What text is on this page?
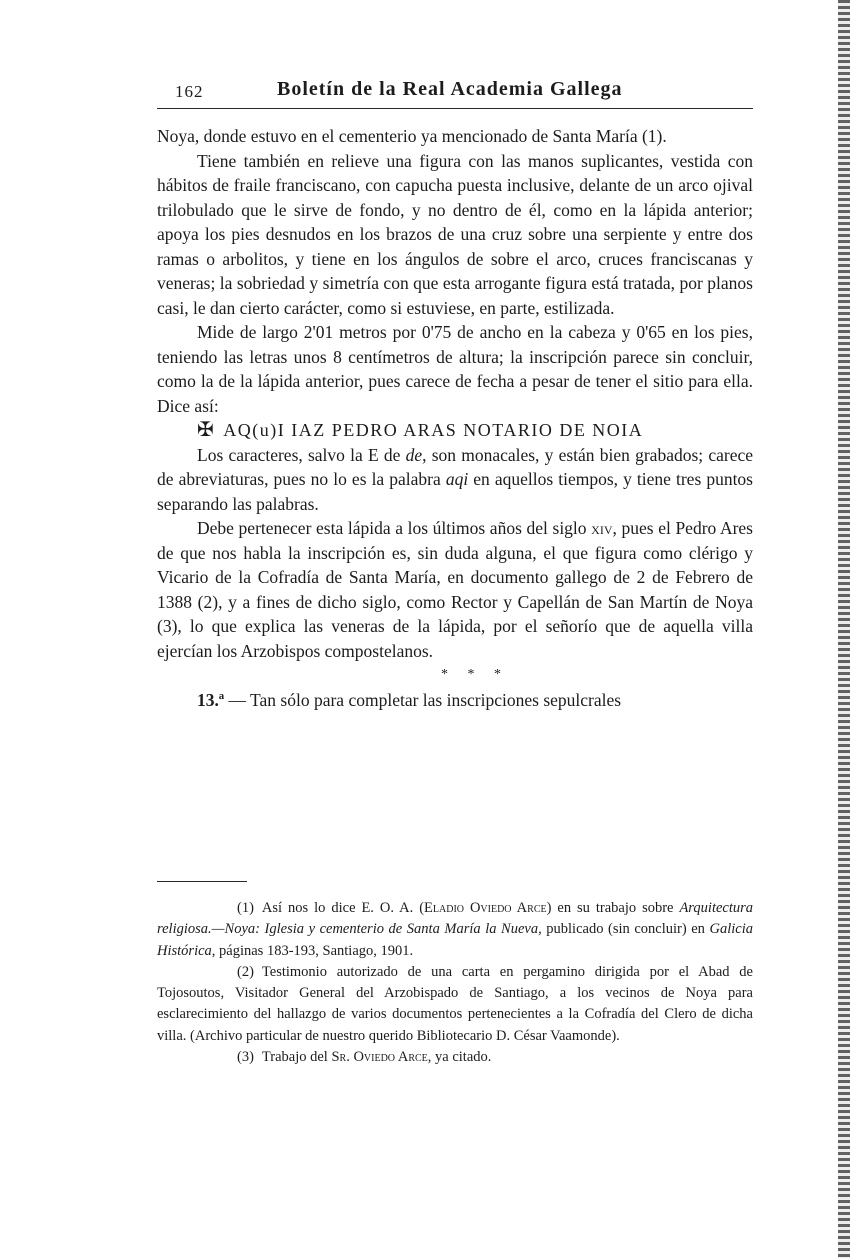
162	Boletín de la Real Academia Gallega

Noya, donde estuvo en el cementerio ya mencionado de Santa María (1).

Tiene también en relieve una figura con las manos suplicantes, vestida con hábitos de fraile franciscano, con capucha puesta inclusive, delante de un arco ojival trilobulado que le sirve de fondo, y no dentro de él, como en la lápida anterior; apoya los pies desnudos en los brazos de una cruz sobre una serpiente y entre dos ramas o arbolitos, y tiene en los ángulos de sobre el arco, cruces franciscanas y veneras; la sobriedad y simetría con que esta arrogante figura está tratada, por planos casi, le dan cierto carácter, como si estuviese, en parte, estilizada.

Mide de largo 2'01 metros por 0'75 de ancho en la cabeza y 0'65 en los pies, teniendo las letras unos 8 centímetros de altura; la inscripción parece sin concluir, como la de la lápida anterior, pues carece de fecha a pesar de tener el sitio para ella. Dice así:

✠ AQ(u)I IAZ PEDRO ARAS NOTARIO DE NOIA

Los caracteres, salvo la E de de, son monacales, y están bien grabados; carece de abreviaturas, pues no lo es la palabra aqi en aquellos tiempos, y tiene tres puntos separando las palabras.

Debe pertenecer esta lápida a los últimos años del siglo xiv, pues el Pedro Ares de que nos habla la inscripción es, sin duda alguna, el que figura como clérigo y Vicario de la Cofradía de Santa María, en documento gallego de 2 de Febrero de 1388 (2), y a fines de dicho siglo, como Rector y Capellán de San Martín de Noya (3), lo que explica las veneras de la lápida, por el señorío que de aquella villa ejercían los Arzobispos compostelanos.

* * *

13.ª — Tan sólo para completar las inscripciones sepulcrales

(1) Así nos lo dice E. O. A. (Eladio Oviedo Arce) en su trabajo sobre Arquitectura religiosa.—Noya: Iglesia y cementerio de Santa María la Nueva, publicado (sin concluir) en Galicia Histórica, páginas 183-193, Santiago, 1901.

(2) Testimonio autorizado de una carta en pergamino dirigida por el Abad de Tojosoutos, Visitador General del Arzobispado de Santiago, a los vecinos de Noya para esclarecimiento del hallazgo de varios documentos pertenecientes a la Cofradía del Clero de dicha villa. (Archivo particular de nuestro querido Bibliotecario D. César Vaamonde).

(3) Trabajo del Sr. Oviedo Arce, ya citado.
